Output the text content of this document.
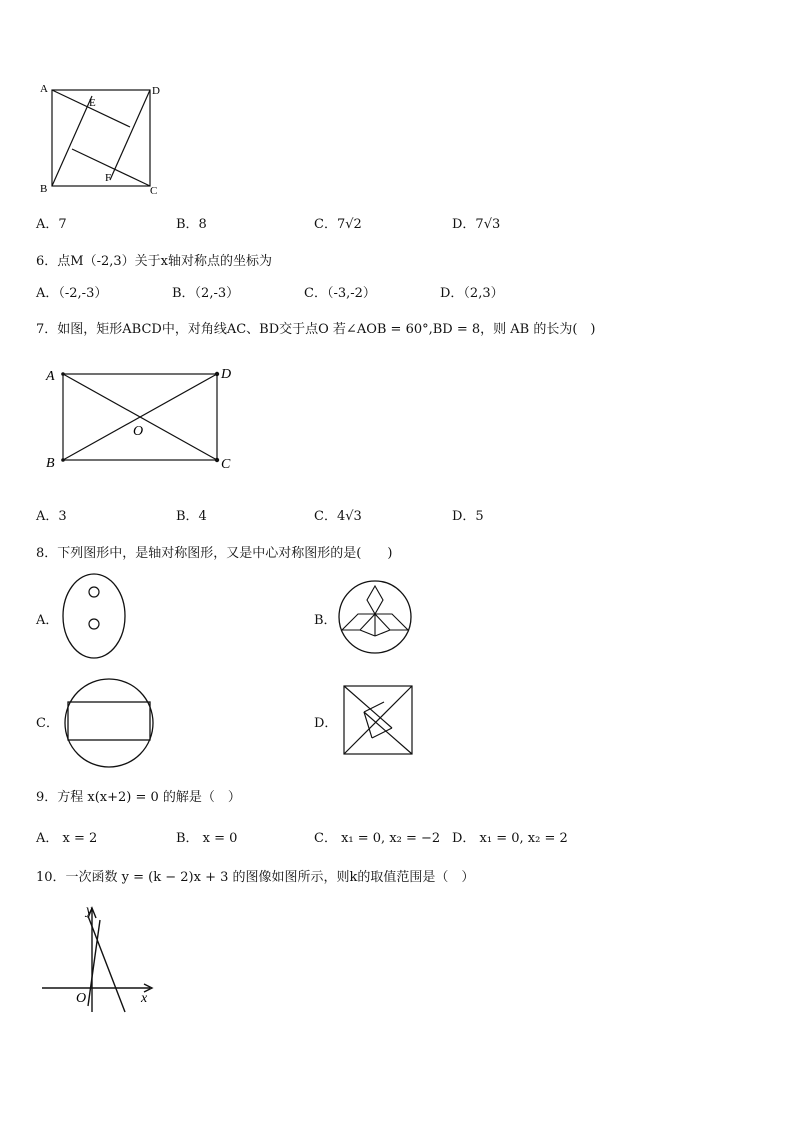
A	D
B	C
E
F
A．7	B．8	C．7√2	D．7√3
6．点M（-2,3）关于x轴对称点的坐标为
A．（-2,-3）	B．（2,-3）	C．（-3,-2）	D．（2,3）
7．如图，矩形ABCD中，对角线AC、BD交于点O 若∠AOB = 60°,BD = 8，则 AB 的长为(　)
A	D
B	C
O
A．3	B．4	C．4√3	D．5
8．下列图形中，是轴对称图形，又是中心对称图形的是(　　)
A．	B．
C．	D．
9．方程 x(x+2) = 0 的解是（　）
A． x = 2	B． x = 0	C． x₁ = 0, x₂ = −2 D． x₁ = 0, x₂ = 2
10．一次函数 y = (k − 2)x + 3 的图像如图所示，则k的取值范围是（　）
y
O	x
